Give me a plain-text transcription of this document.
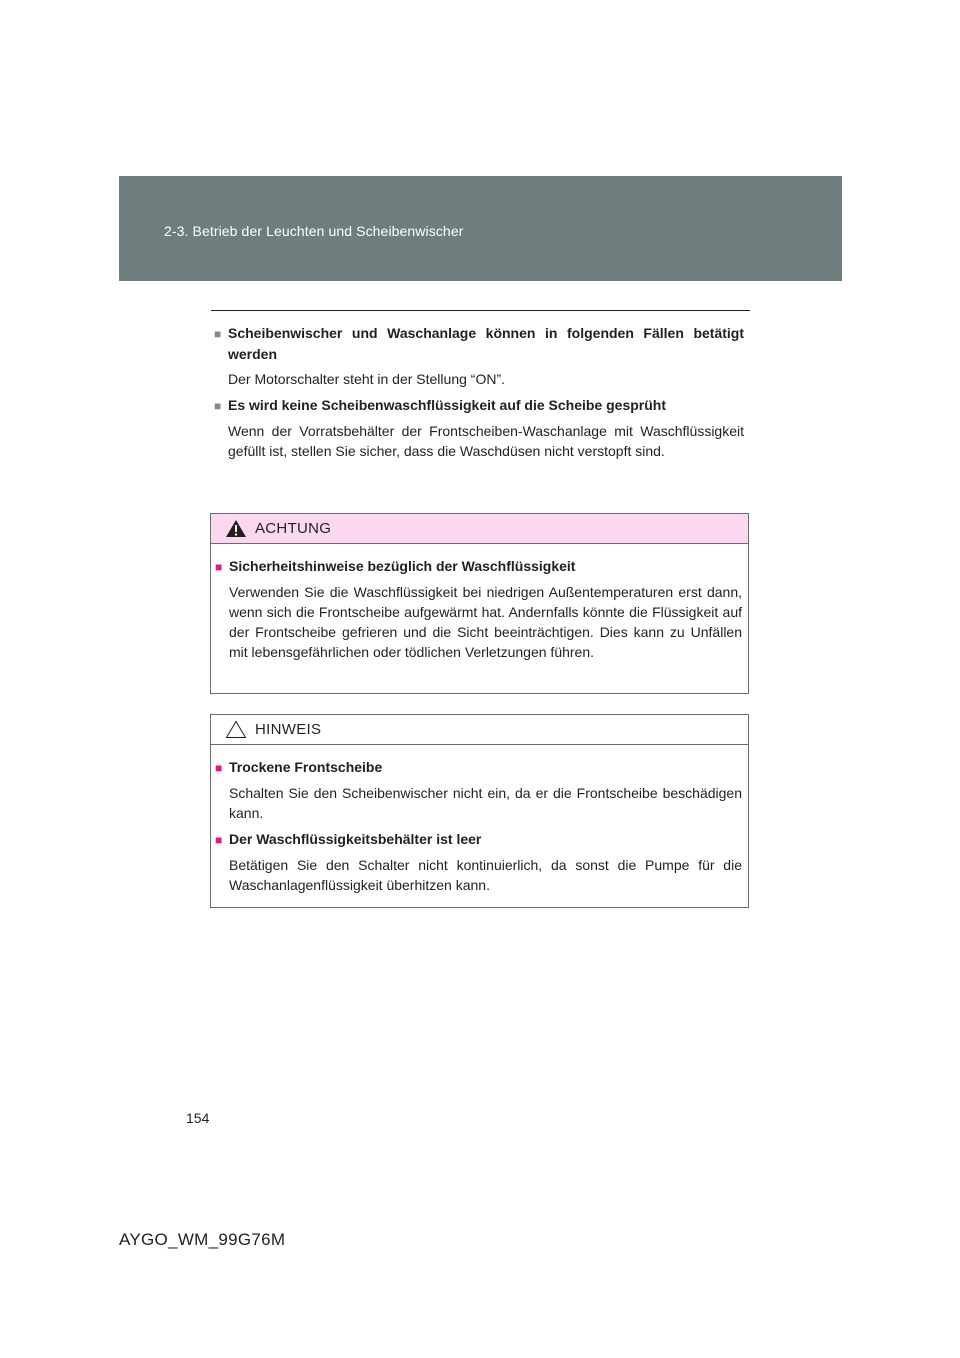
2-3. Betrieb der Leuchten und Scheibenwischer
■ Scheibenwischer und Waschanlage können in folgenden Fällen betätigt werden
Der Motorschalter steht in der Stellung “ON”.
■ Es wird keine Scheibenwaschflüssigkeit auf die Scheibe gesprüht
Wenn der Vorratsbehälter der Frontscheiben-Waschanlage mit Waschflüssigkeit gefüllt ist, stellen Sie sicher, dass die Waschdüsen nicht verstopft sind.
ACHTUNG
■ Sicherheitshinweise bezüglich der Waschflüssigkeit
Verwenden Sie die Waschflüssigkeit bei niedrigen Außentemperaturen erst dann, wenn sich die Frontscheibe aufgewärmt hat. Andernfalls könnte die Flüssigkeit auf der Frontscheibe gefrieren und die Sicht beeinträchtigen. Dies kann zu Unfällen mit lebensgefährlichen oder tödlichen Verletzungen führen.
HINWEIS
■ Trockene Frontscheibe
Schalten Sie den Scheibenwischer nicht ein, da er die Frontscheibe beschädigen kann.
■ Der Waschflüssigkeitsbehälter ist leer
Betätigen Sie den Schalter nicht kontinuierlich, da sonst die Pumpe für die Waschanlagenflüssigkeit überhitzen kann.
154
AYGO_WM_99G76M
